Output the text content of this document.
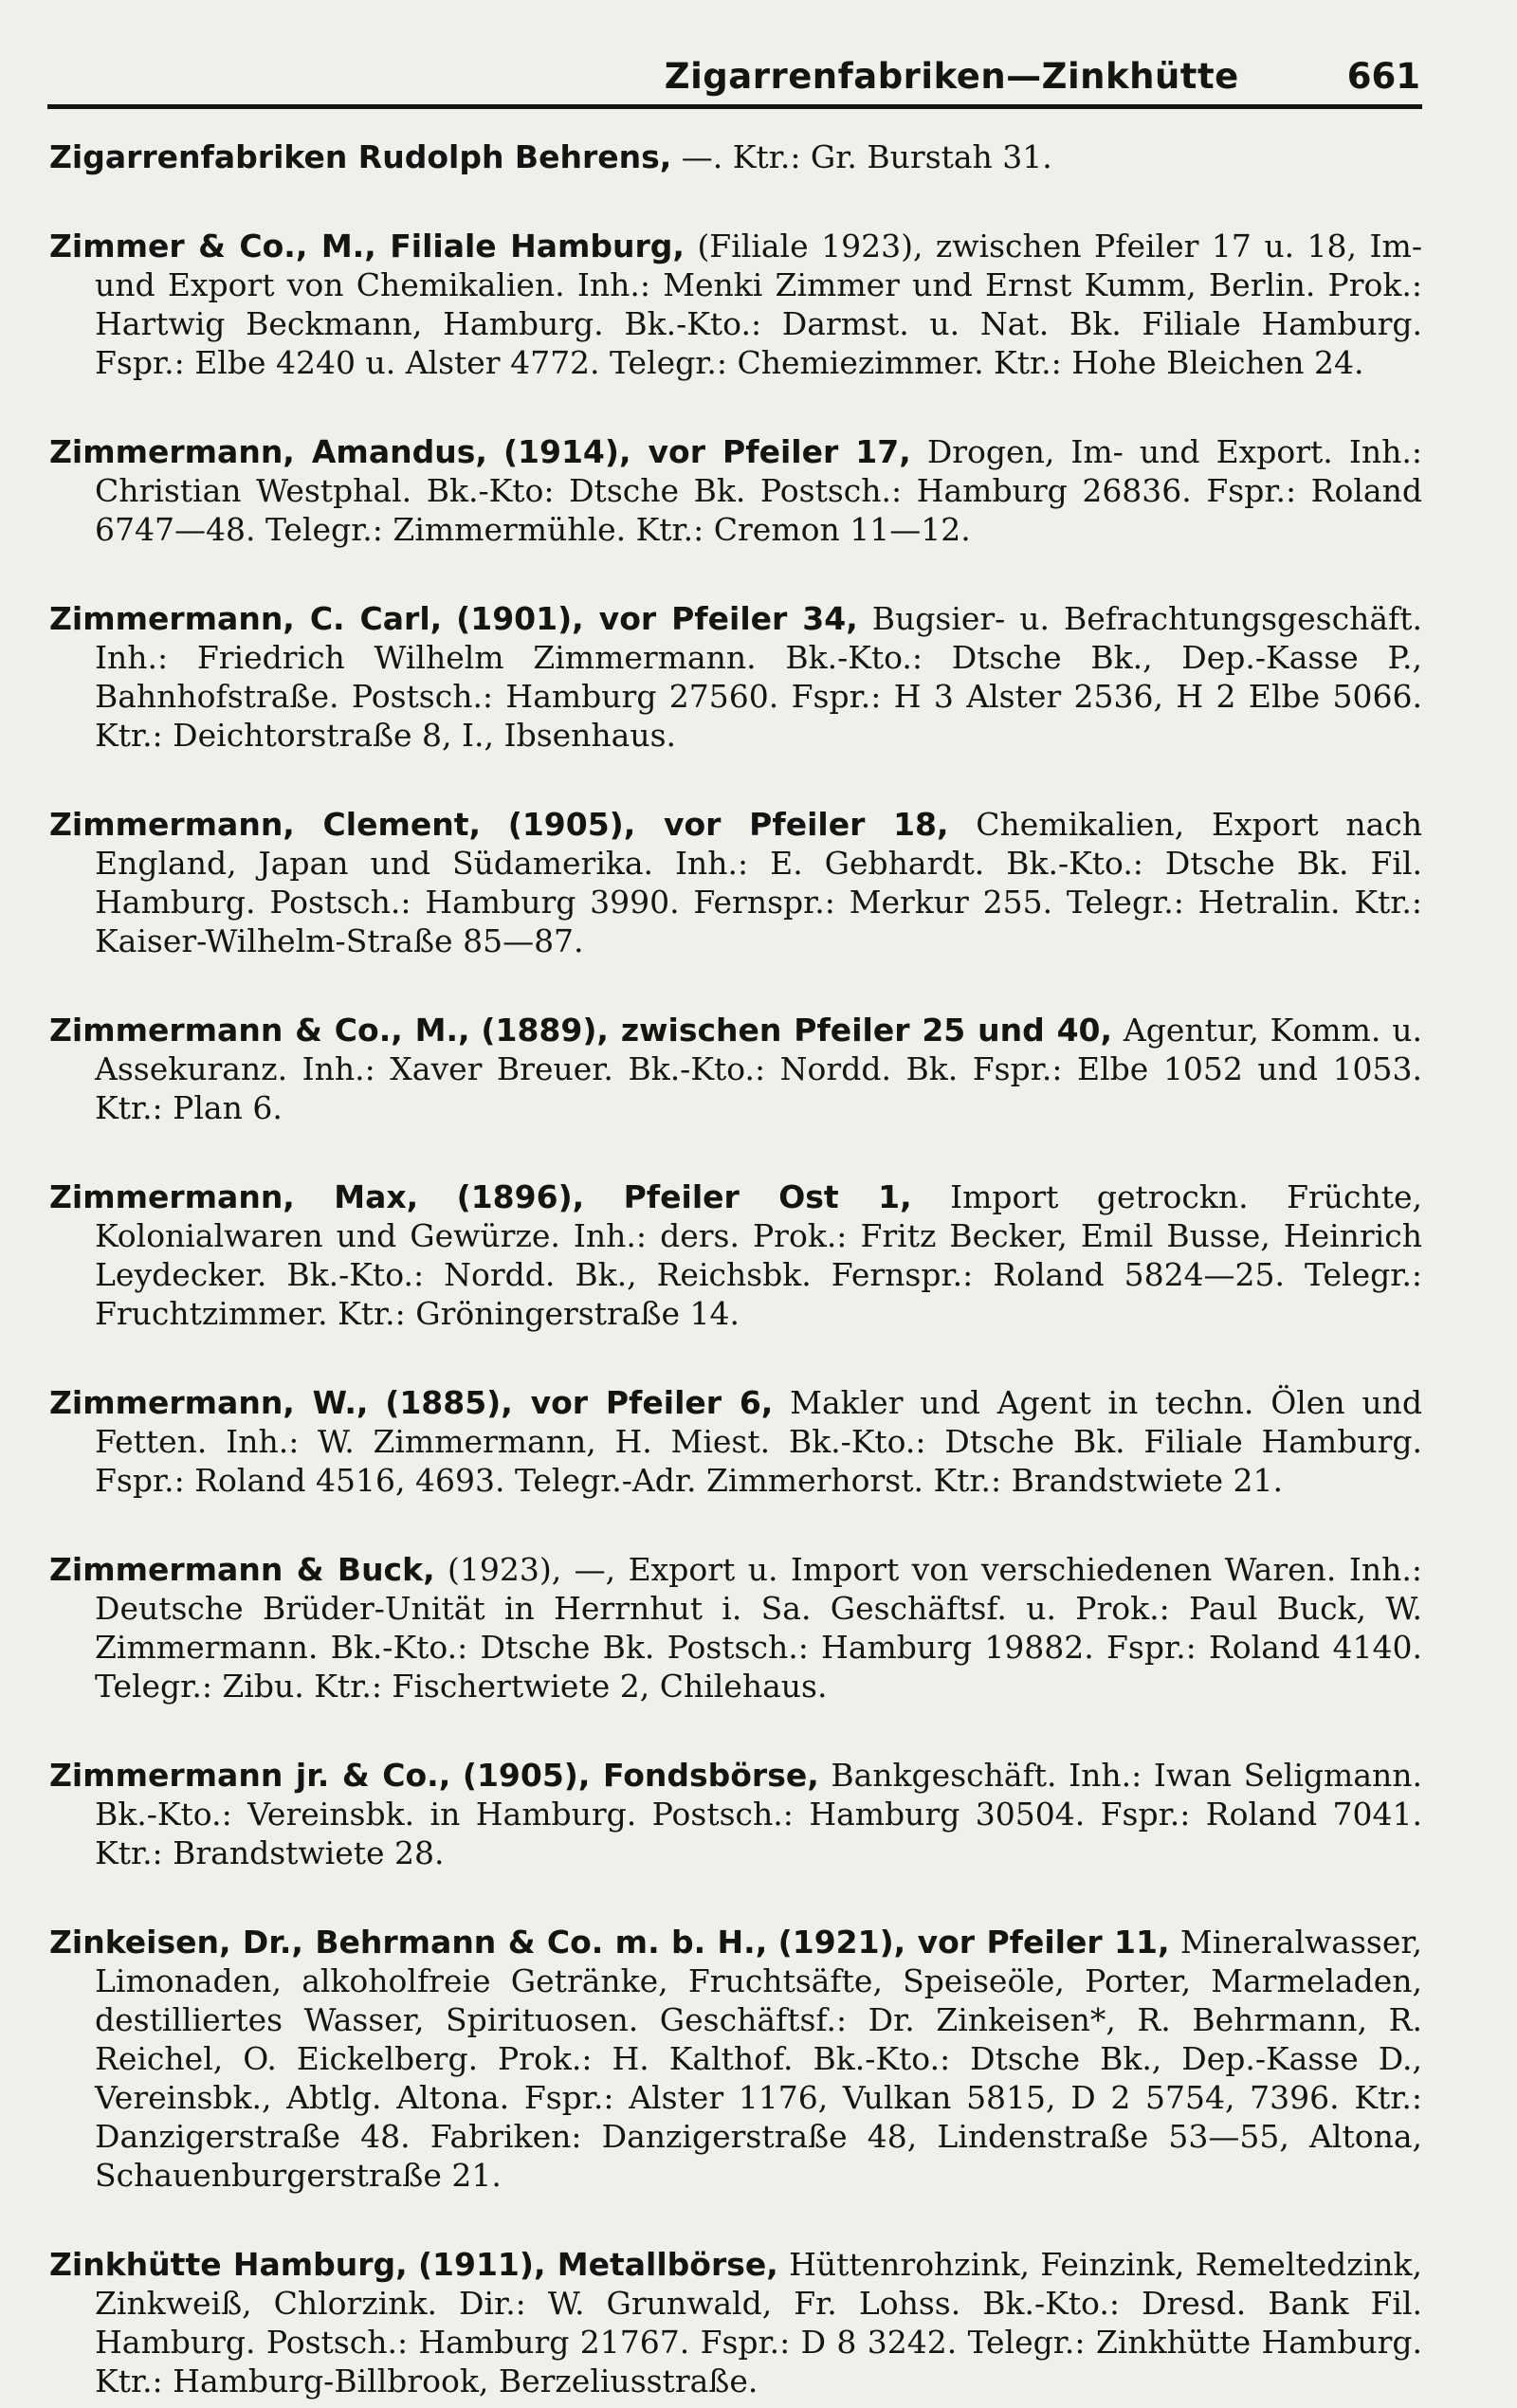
Zigarrenfabriken—Zinkhütte	661

Zigarrenfabriken Rudolph Behrens, —. Ktr.: Gr. Burstah 31.

Zimmer & Co., M., Filiale Hamburg, (Filiale 1923), zwischen Pfeiler 17 u. 18, Im- und Export von Chemikalien. Inh.: Menki Zimmer und Ernst Kumm, Berlin. Prok.: Hartwig Beckmann, Hamburg. Bk.-Kto.: Darmst. u. Nat. Bk. Filiale Hamburg. Fspr.: Elbe 4240 u. Alster 4772. Telegr.: Chemiezimmer. Ktr.: Hohe Bleichen 24.

Zimmermann, Amandus, (1914), vor Pfeiler 17, Drogen, Im- und Export. Inh.: Christian Westphal. Bk.-Kto: Dtsche Bk. Postsch.: Hamburg 26836. Fspr.: Roland 6747—48. Telegr.: Zimmermühle. Ktr.: Cremon 11—12.

Zimmermann, C. Carl, (1901), vor Pfeiler 34, Bugsier- u. Befrachtungsgeschäft. Inh.: Friedrich Wilhelm Zimmermann. Bk.-Kto.: Dtsche Bk., Dep.-Kasse P., Bahnhofstraße. Postsch.: Hamburg 27560. Fspr.: H 3 Alster 2536, H 2 Elbe 5066. Ktr.: Deichtorstraße 8, I., Ibsenhaus.

Zimmermann, Clement, (1905), vor Pfeiler 18, Chemikalien, Export nach England, Japan und Südamerika. Inh.: E. Gebhardt. Bk.-Kto.: Dtsche Bk. Fil. Hamburg. Postsch.: Hamburg 3990. Fernspr.: Merkur 255. Telegr.: Hetralin. Ktr.: Kaiser-Wilhelm-Straße 85—87.

Zimmermann & Co., M., (1889), zwischen Pfeiler 25 und 40, Agentur, Komm. u. Assekuranz. Inh.: Xaver Breuer. Bk.-Kto.: Nordd. Bk. Fspr.: Elbe 1052 und 1053. Ktr.: Plan 6.

Zimmermann, Max, (1896), Pfeiler Ost 1, Import getrockn. Früchte, Kolonialwaren und Gewürze. Inh.: ders. Prok.: Fritz Becker, Emil Busse, Heinrich Leydecker. Bk.-Kto.: Nordd. Bk., Reichsbk. Fernspr.: Roland 5824—25. Telegr.: Fruchtzimmer. Ktr.: Gröningerstraße 14.

Zimmermann, W., (1885), vor Pfeiler 6, Makler und Agent in techn. Ölen und Fetten. Inh.: W. Zimmermann, H. Miest. Bk.-Kto.: Dtsche Bk. Filiale Hamburg. Fspr.: Roland 4516, 4693. Telegr.-Adr. Zimmerhorst. Ktr.: Brandstwiete 21.

Zimmermann & Buck, (1923), —, Export u. Import von verschiedenen Waren. Inh.: Deutsche Brüder-Unität in Herrnhut i. Sa. Geschäftsf. u. Prok.: Paul Buck, W. Zimmermann. Bk.-Kto.: Dtsche Bk. Postsch.: Hamburg 19882. Fspr.: Roland 4140. Telegr.: Zibu. Ktr.: Fischertwiete 2, Chilehaus.

Zimmermann jr. & Co., (1905), Fondsbörse, Bankgeschäft. Inh.: Iwan Seligmann. Bk.-Kto.: Vereinsbk. in Hamburg. Postsch.: Hamburg 30504. Fspr.: Roland 7041. Ktr.: Brandstwiete 28.

Zinkeisen, Dr., Behrmann & Co. m. b. H., (1921), vor Pfeiler 11, Mineralwasser, Limonaden, alkoholfreie Getränke, Fruchtsäfte, Speiseöle, Porter, Marmeladen, destilliertes Wasser, Spirituosen. Geschäftsf.: Dr. Zinkeisen*, R. Behrmann, R. Reichel, O. Eickelberg. Prok.: H. Kalthof. Bk.-Kto.: Dtsche Bk., Dep.-Kasse D., Vereinsbk., Abtlg. Altona. Fspr.: Alster 1176, Vulkan 5815, D 2 5754, 7396. Ktr.: Danzigerstraße 48. Fabriken: Danzigerstraße 48, Lindenstraße 53—55, Altona, Schauenburgerstraße 21.

Zinkhütte Hamburg, (1911), Metallbörse, Hüttenrohzink, Feinzink, Remeltedzink, Zinkweiß, Chlorzink. Dir.: W. Grunwald, Fr. Lohss. Bk.-Kto.: Dresd. Bank Fil. Hamburg. Postsch.: Hamburg 21767. Fspr.: D 8 3242. Telegr.: Zinkhütte Hamburg. Ktr.: Hamburg-Billbrook, Berzeliusstraße.
